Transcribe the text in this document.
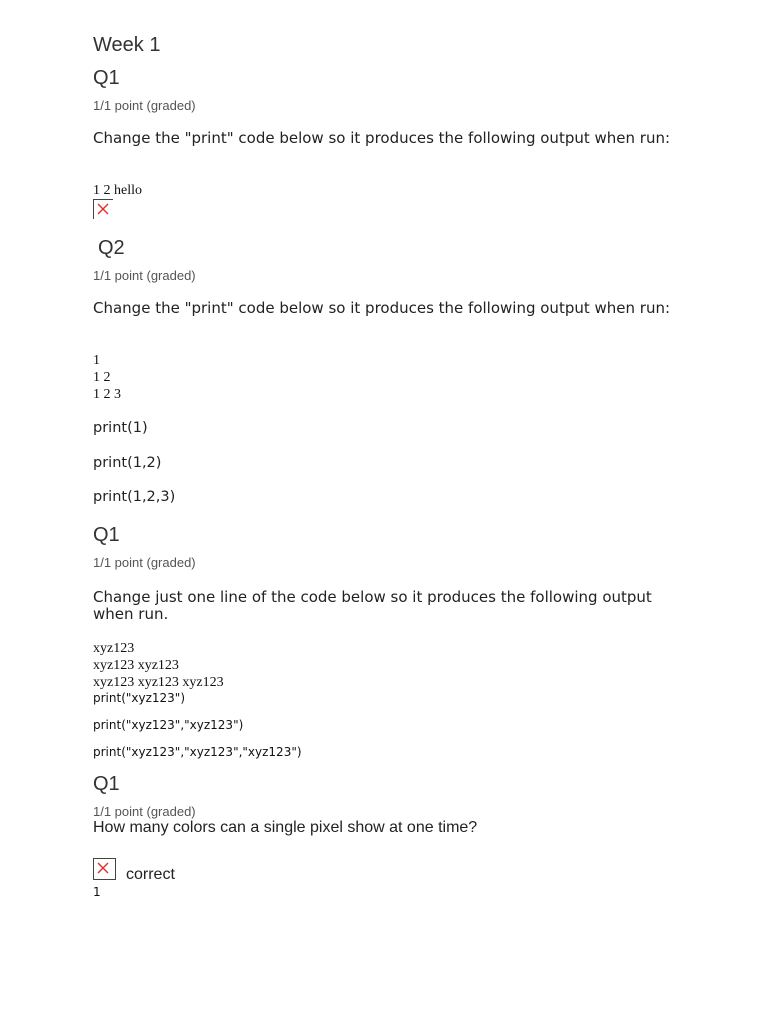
Week 1
Q1
1/1 point (graded)
Change the "print" code below so it produces the following output when run:
1 2 hello
Q2
1/1 point (graded)
Change the "print" code below so it produces the following output when run:
1
1 2
1 2 3
print(1)
print(1,2)
print(1,2,3)
Q1
1/1 point (graded)
Change just one line of the code below so it produces the following output when run.
xyz123
xyz123 xyz123
xyz123 xyz123 xyz123
print("xyz123")
print("xyz123","xyz123")
print("xyz123","xyz123","xyz123")
Q1
1/1 point (graded)
How many colors can a single pixel show at one time?
correct
1
